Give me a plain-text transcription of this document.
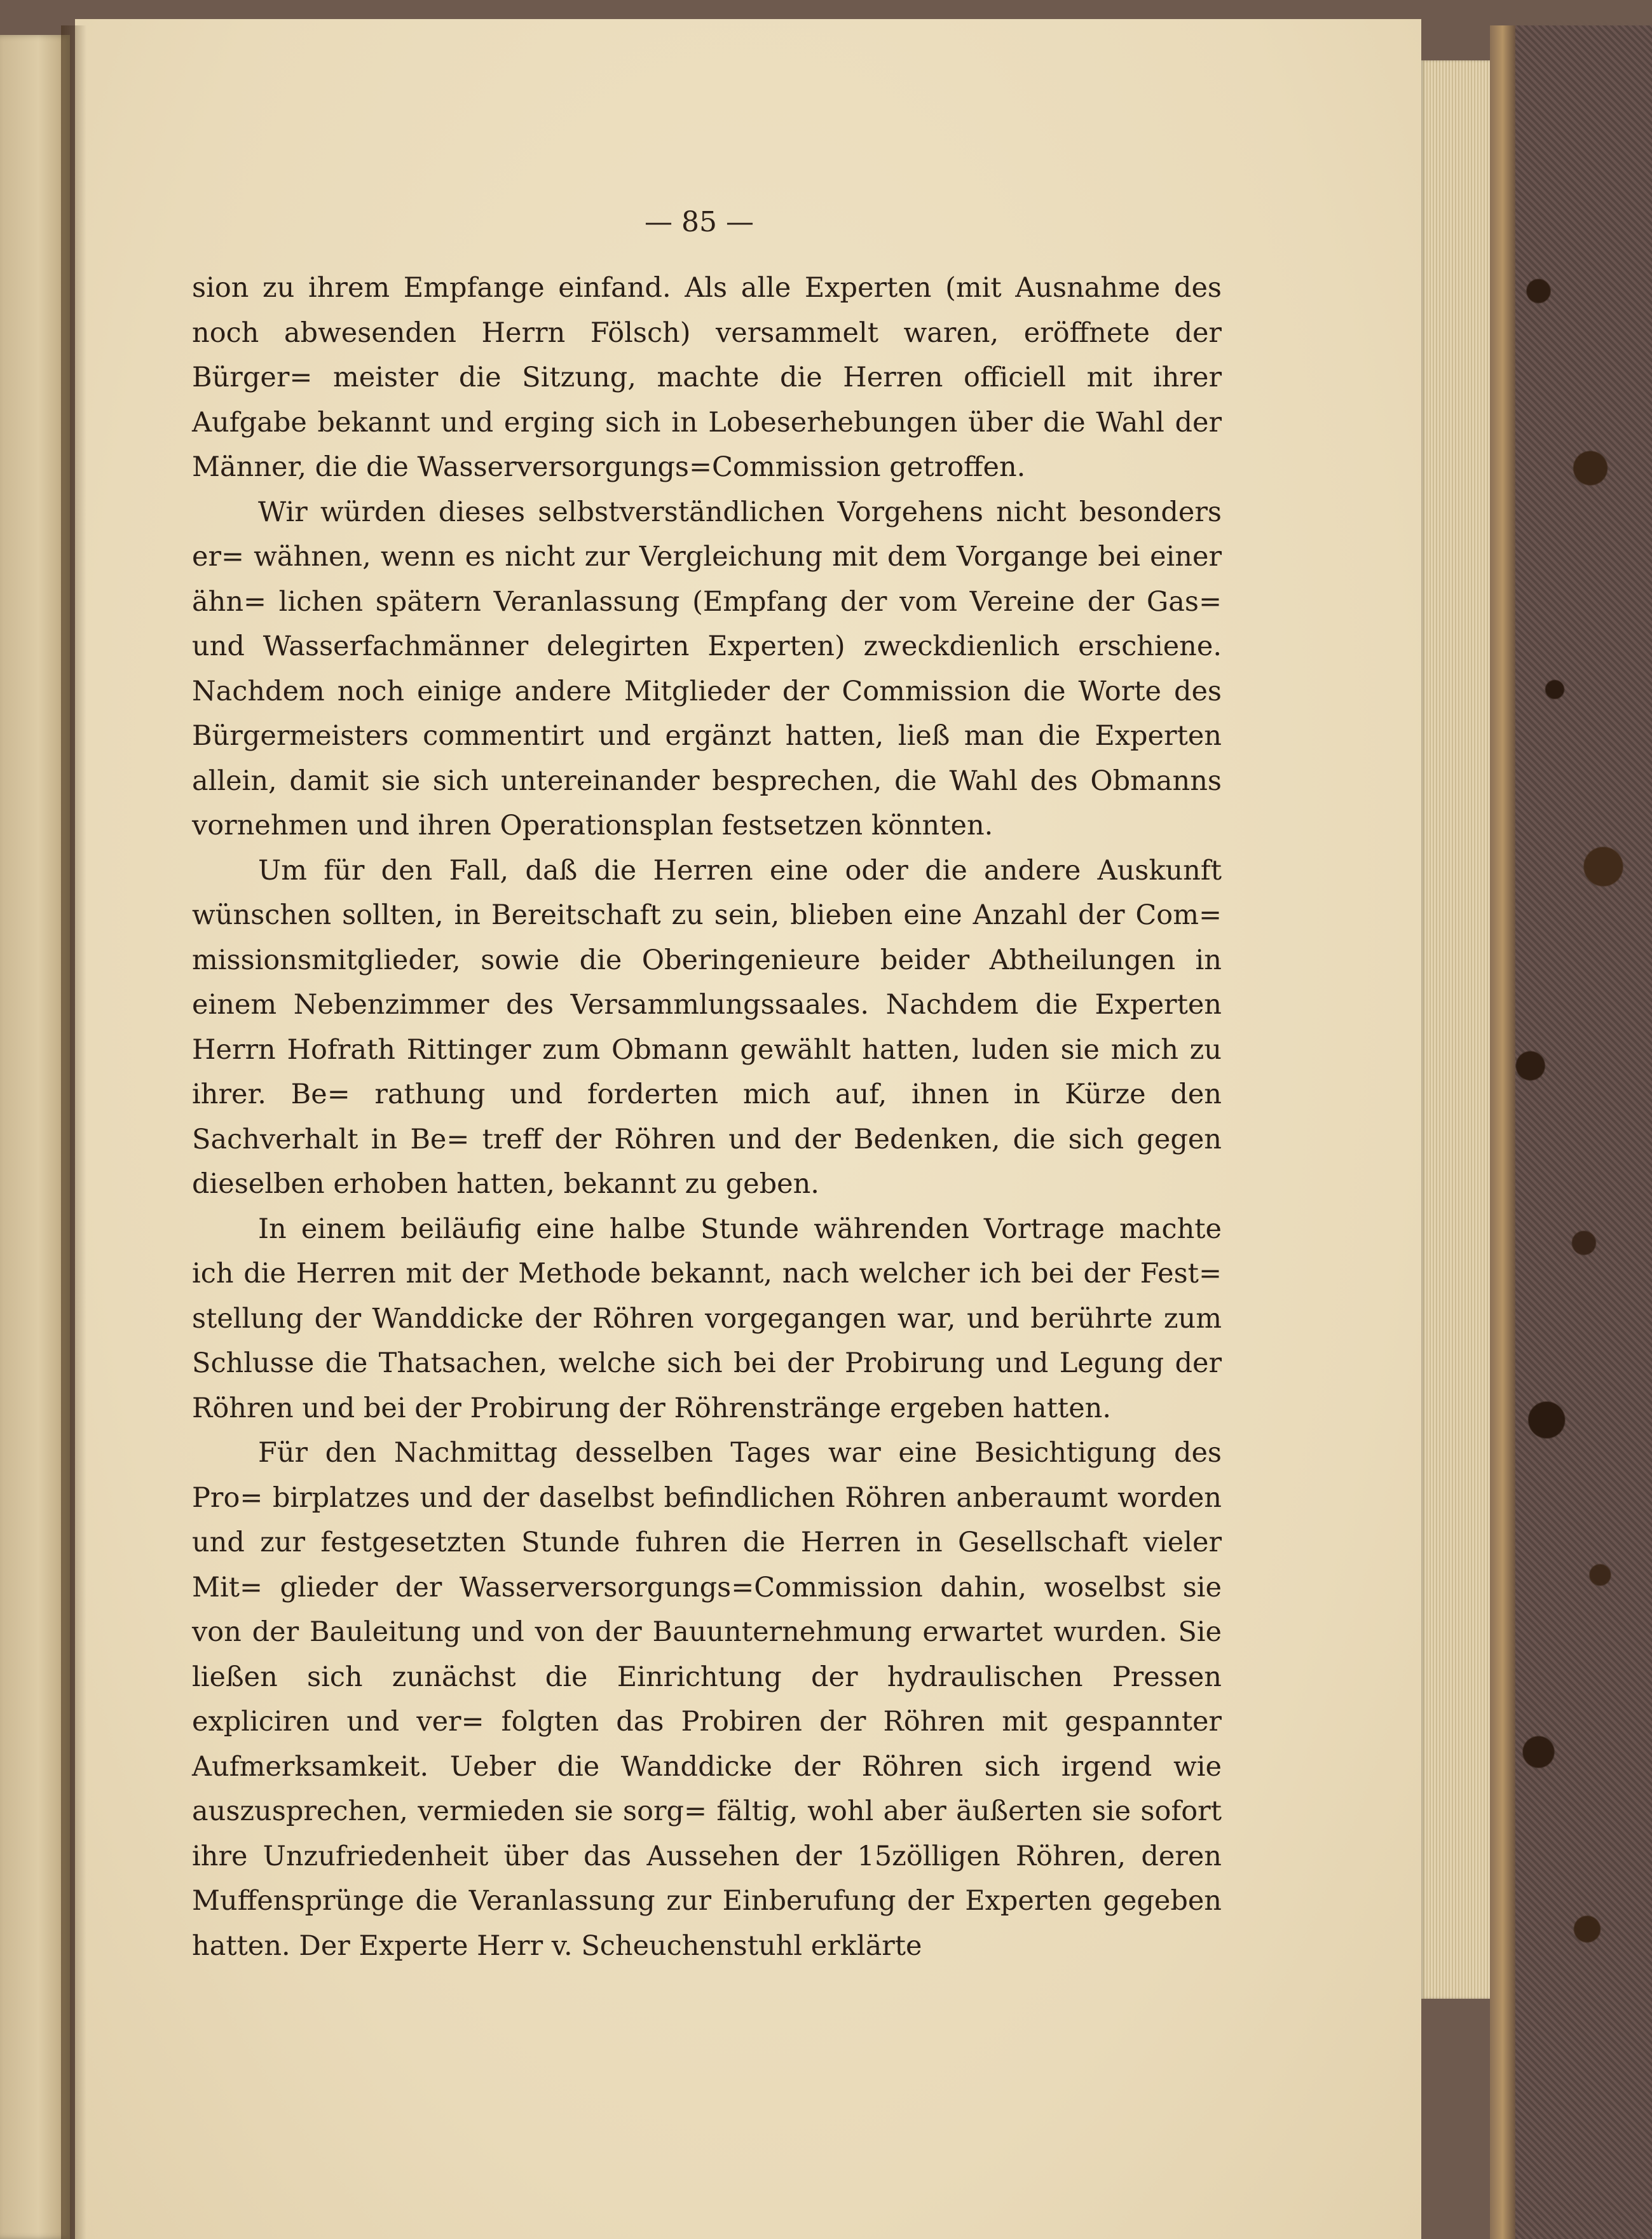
— 85 —

sion zu ihrem Empfange einfand. Als alle Experten (mit Ausnahme des noch abwesenden Herrn Fölsch) versammelt waren, eröffnete der Bürger= meister die Sitzung, machte die Herren officiell mit ihrer Aufgabe bekannt und erging sich in Lobeserhebungen über die Wahl der Männer, die die Wasserversorgungs=Commission getroffen.

Wir würden dieses selbstverständlichen Vorgehens nicht besonders er= wähnen, wenn es nicht zur Vergleichung mit dem Vorgange bei einer ähn= lichen spätern Veranlassung (Empfang der vom Vereine der Gas= und Wasserfachmänner delegirten Experten) zweckdienlich erschiene. Nachdem noch einige andere Mitglieder der Commission die Worte des Bürgermeisters commentirt und ergänzt hatten, ließ man die Experten allein, damit sie sich untereinander besprechen, die Wahl des Obmanns vornehmen und ihren Operationsplan festsetzen könnten.

Um für den Fall, daß die Herren eine oder die andere Auskunft wünschen sollten, in Bereitschaft zu sein, blieben eine Anzahl der Com= missionsmitglieder, sowie die Oberingenieure beider Abtheilungen in einem Nebenzimmer des Versammlungssaales. Nachdem die Experten Herrn Hofrath Rittinger zum Obmann gewählt hatten, luden sie mich zu ihrer. Be= rathung und forderten mich auf, ihnen in Kürze den Sachverhalt in Be= treff der Röhren und der Bedenken, die sich gegen dieselben erhoben hatten, bekannt zu geben.

In einem beiläufig eine halbe Stunde währenden Vortrage machte ich die Herren mit der Methode bekannt, nach welcher ich bei der Fest= stellung der Wanddicke der Röhren vorgegangen war, und berührte zum Schlusse die Thatsachen, welche sich bei der Probirung und Legung der Röhren und bei der Probirung der Röhrenstränge ergeben hatten.

Für den Nachmittag desselben Tages war eine Besichtigung des Pro= birplatzes und der daselbst befindlichen Röhren anberaumt worden und zur festgesetzten Stunde fuhren die Herren in Gesellschaft vieler Mit= glieder der Wasserversorgungs=Commission dahin, woselbst sie von der Bauleitung und von der Bauunternehmung erwartet wurden. Sie ließen sich zunächst die Einrichtung der hydraulischen Pressen expliciren und ver= folgten das Probiren der Röhren mit gespannter Aufmerksamkeit. Ueber die Wanddicke der Röhren sich irgend wie auszusprechen, vermieden sie sorg= fältig, wohl aber äußerten sie sofort ihre Unzufriedenheit über das Aussehen der 15zölligen Röhren, deren Muffensprünge die Veranlassung zur Einberufung der Experten gegeben hatten. Der Experte Herr v. Scheuchenstuhl erklärte
